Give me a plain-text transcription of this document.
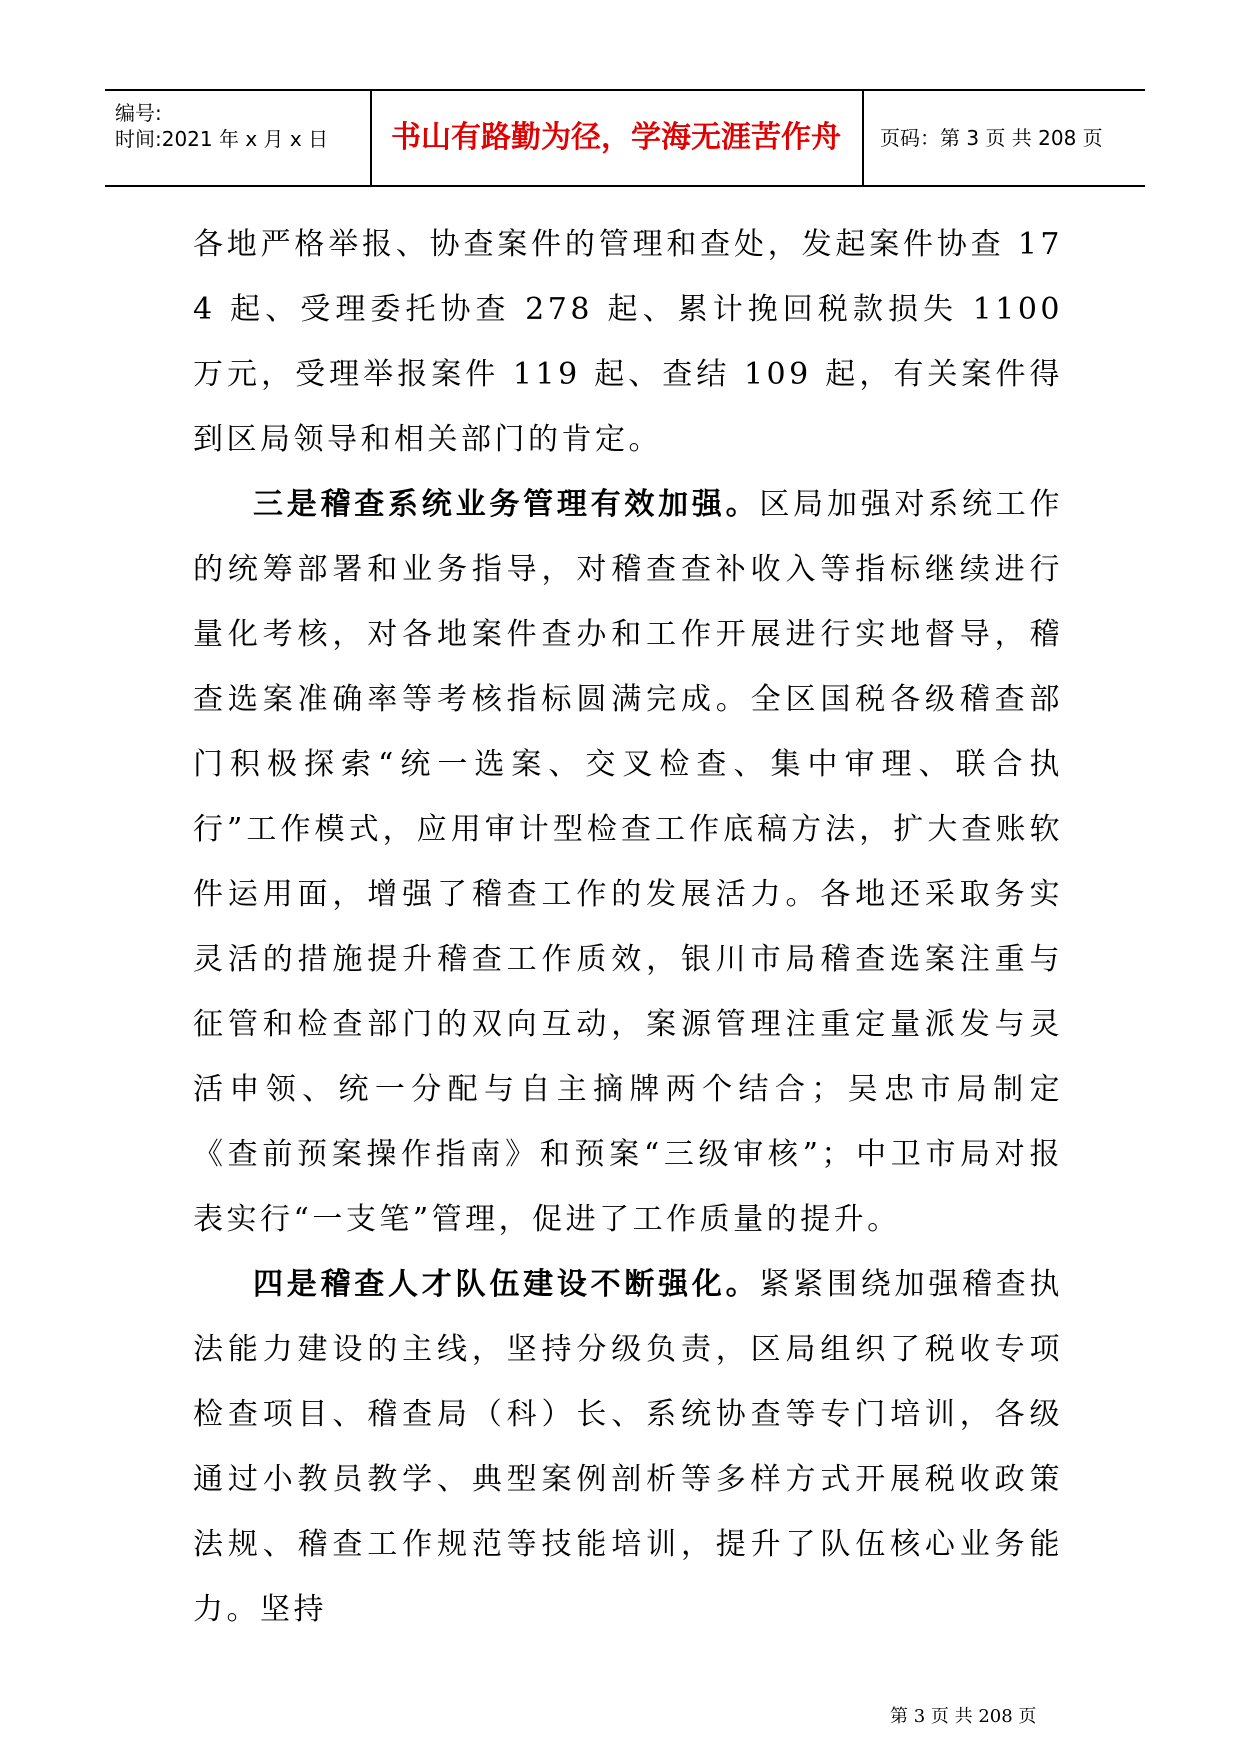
编号:
时间:2021 年 x 月 x 日	书山有路勤为径，学海无涯苦作舟	页码：第 3 页 共 208 页

各地严格举报、协查案件的管理和查处，发起案件协查 174 起、受理委托协查 278 起、累计挽回税款损失 1100 万元，受理举报案件 119 起、查结 109 起，有关案件得到区局领导和相关部门的肯定。

三是稽查系统业务管理有效加强。区局加强对系统工作的统筹部署和业务指导，对稽查查补收入等指标继续进行量化考核，对各地案件查办和工作开展进行实地督导，稽查选案准确率等考核指标圆满完成。全区国税各级稽查部门积极探索“统一选案、交叉检查、集中审理、联合执行”工作模式，应用审计型检查工作底稿方法，扩大查账软件运用面，增强了稽查工作的发展活力。各地还采取务实灵活的措施提升稽查工作质效，银川市局稽查选案注重与征管和检查部门的双向互动，案源管理注重定量派发与灵活申领、统一分配与自主摘牌两个结合；吴忠市局制定《查前预案操作指南》和预案“三级审核”；中卫市局对报表实行“一支笔”管理，促进了工作质量的提升。

四是稽查人才队伍建设不断强化。紧紧围绕加强稽查执法能力建设的主线，坚持分级负责，区局组织了税收专项检查项目、稽查局（科）长、系统协查等专门培训，各级通过小教员教学、典型案例剖析等多样方式开展税收政策法规、稽查工作规范等技能培训，提升了队伍核心业务能力。坚持

第 3 页 共 208 页
